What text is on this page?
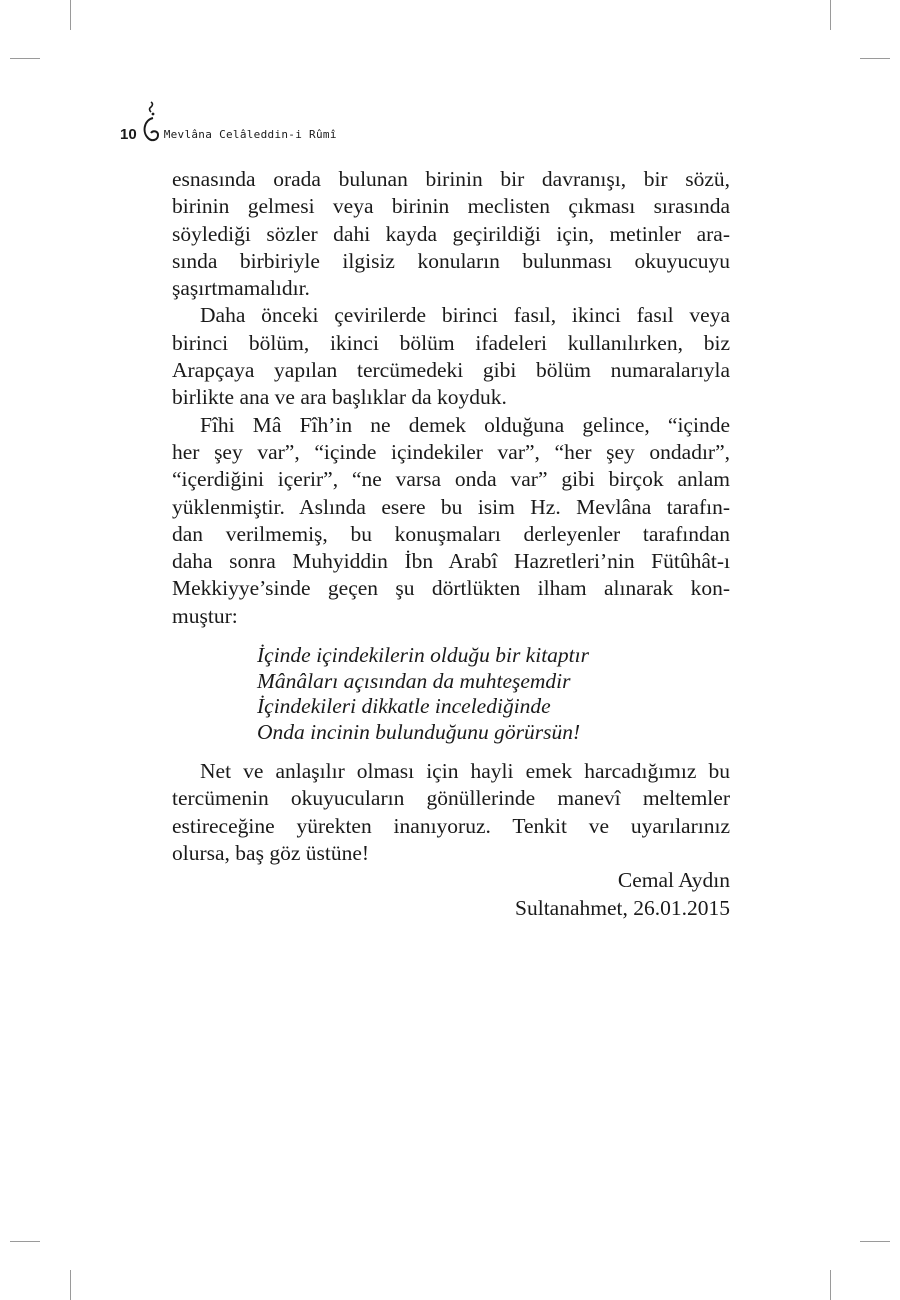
10 Mevlâna Celâleddin-i Rûmî

esnasında orada bulunan birinin bir davranışı, bir sözü,
birinin gelmesi veya birinin meclisten çıkması sırasında
söylediği sözler dahi kayda geçirildiği için, metinler ara-
sında birbiriyle ilgisiz konuların bulunması okuyucuyu
şaşırtmamalıdır.

Daha önceki çevirilerde birinci fasıl, ikinci fasıl veya
birinci bölüm, ikinci bölüm ifadeleri kullanılırken, biz
Arapçaya yapılan tercümedeki gibi bölüm numaralarıyla
birlikte ana ve ara başlıklar da koyduk.

Fîhi Mâ Fîh’in ne demek olduğuna gelince, “içinde
her şey var”, “içinde içindekiler var”, “her şey ondadır”,
“içerdiğini içerir”, “ne varsa onda var” gibi birçok anlam
yüklenmiştir. Aslında esere bu isim Hz. Mevlâna tarafın-
dan verilmemiş, bu konuşmaları derleyenler tarafından
daha sonra Muhyiddin İbn Arabî Hazretleri’nin Fütûhât-ı
Mekkiyye’sinde geçen şu dörtlükten ilham alınarak kon-
muştur:

İçinde içindekilerin olduğu bir kitaptır
Mânâları açısından da muhteşemdir
İçindekileri dikkatle incelediğinde
Onda incinin bulunduğunu görürsün!

Net ve anlaşılır olması için hayli emek harcadığımız bu
tercümenin okuyucuların gönüllerinde manevî meltemler
estireceğine yürekten inanıyoruz. Tenkit ve uyarılarınız
olursa, baş göz üstüne!

Cemal Aydın
Sultanahmet, 26.01.2015
